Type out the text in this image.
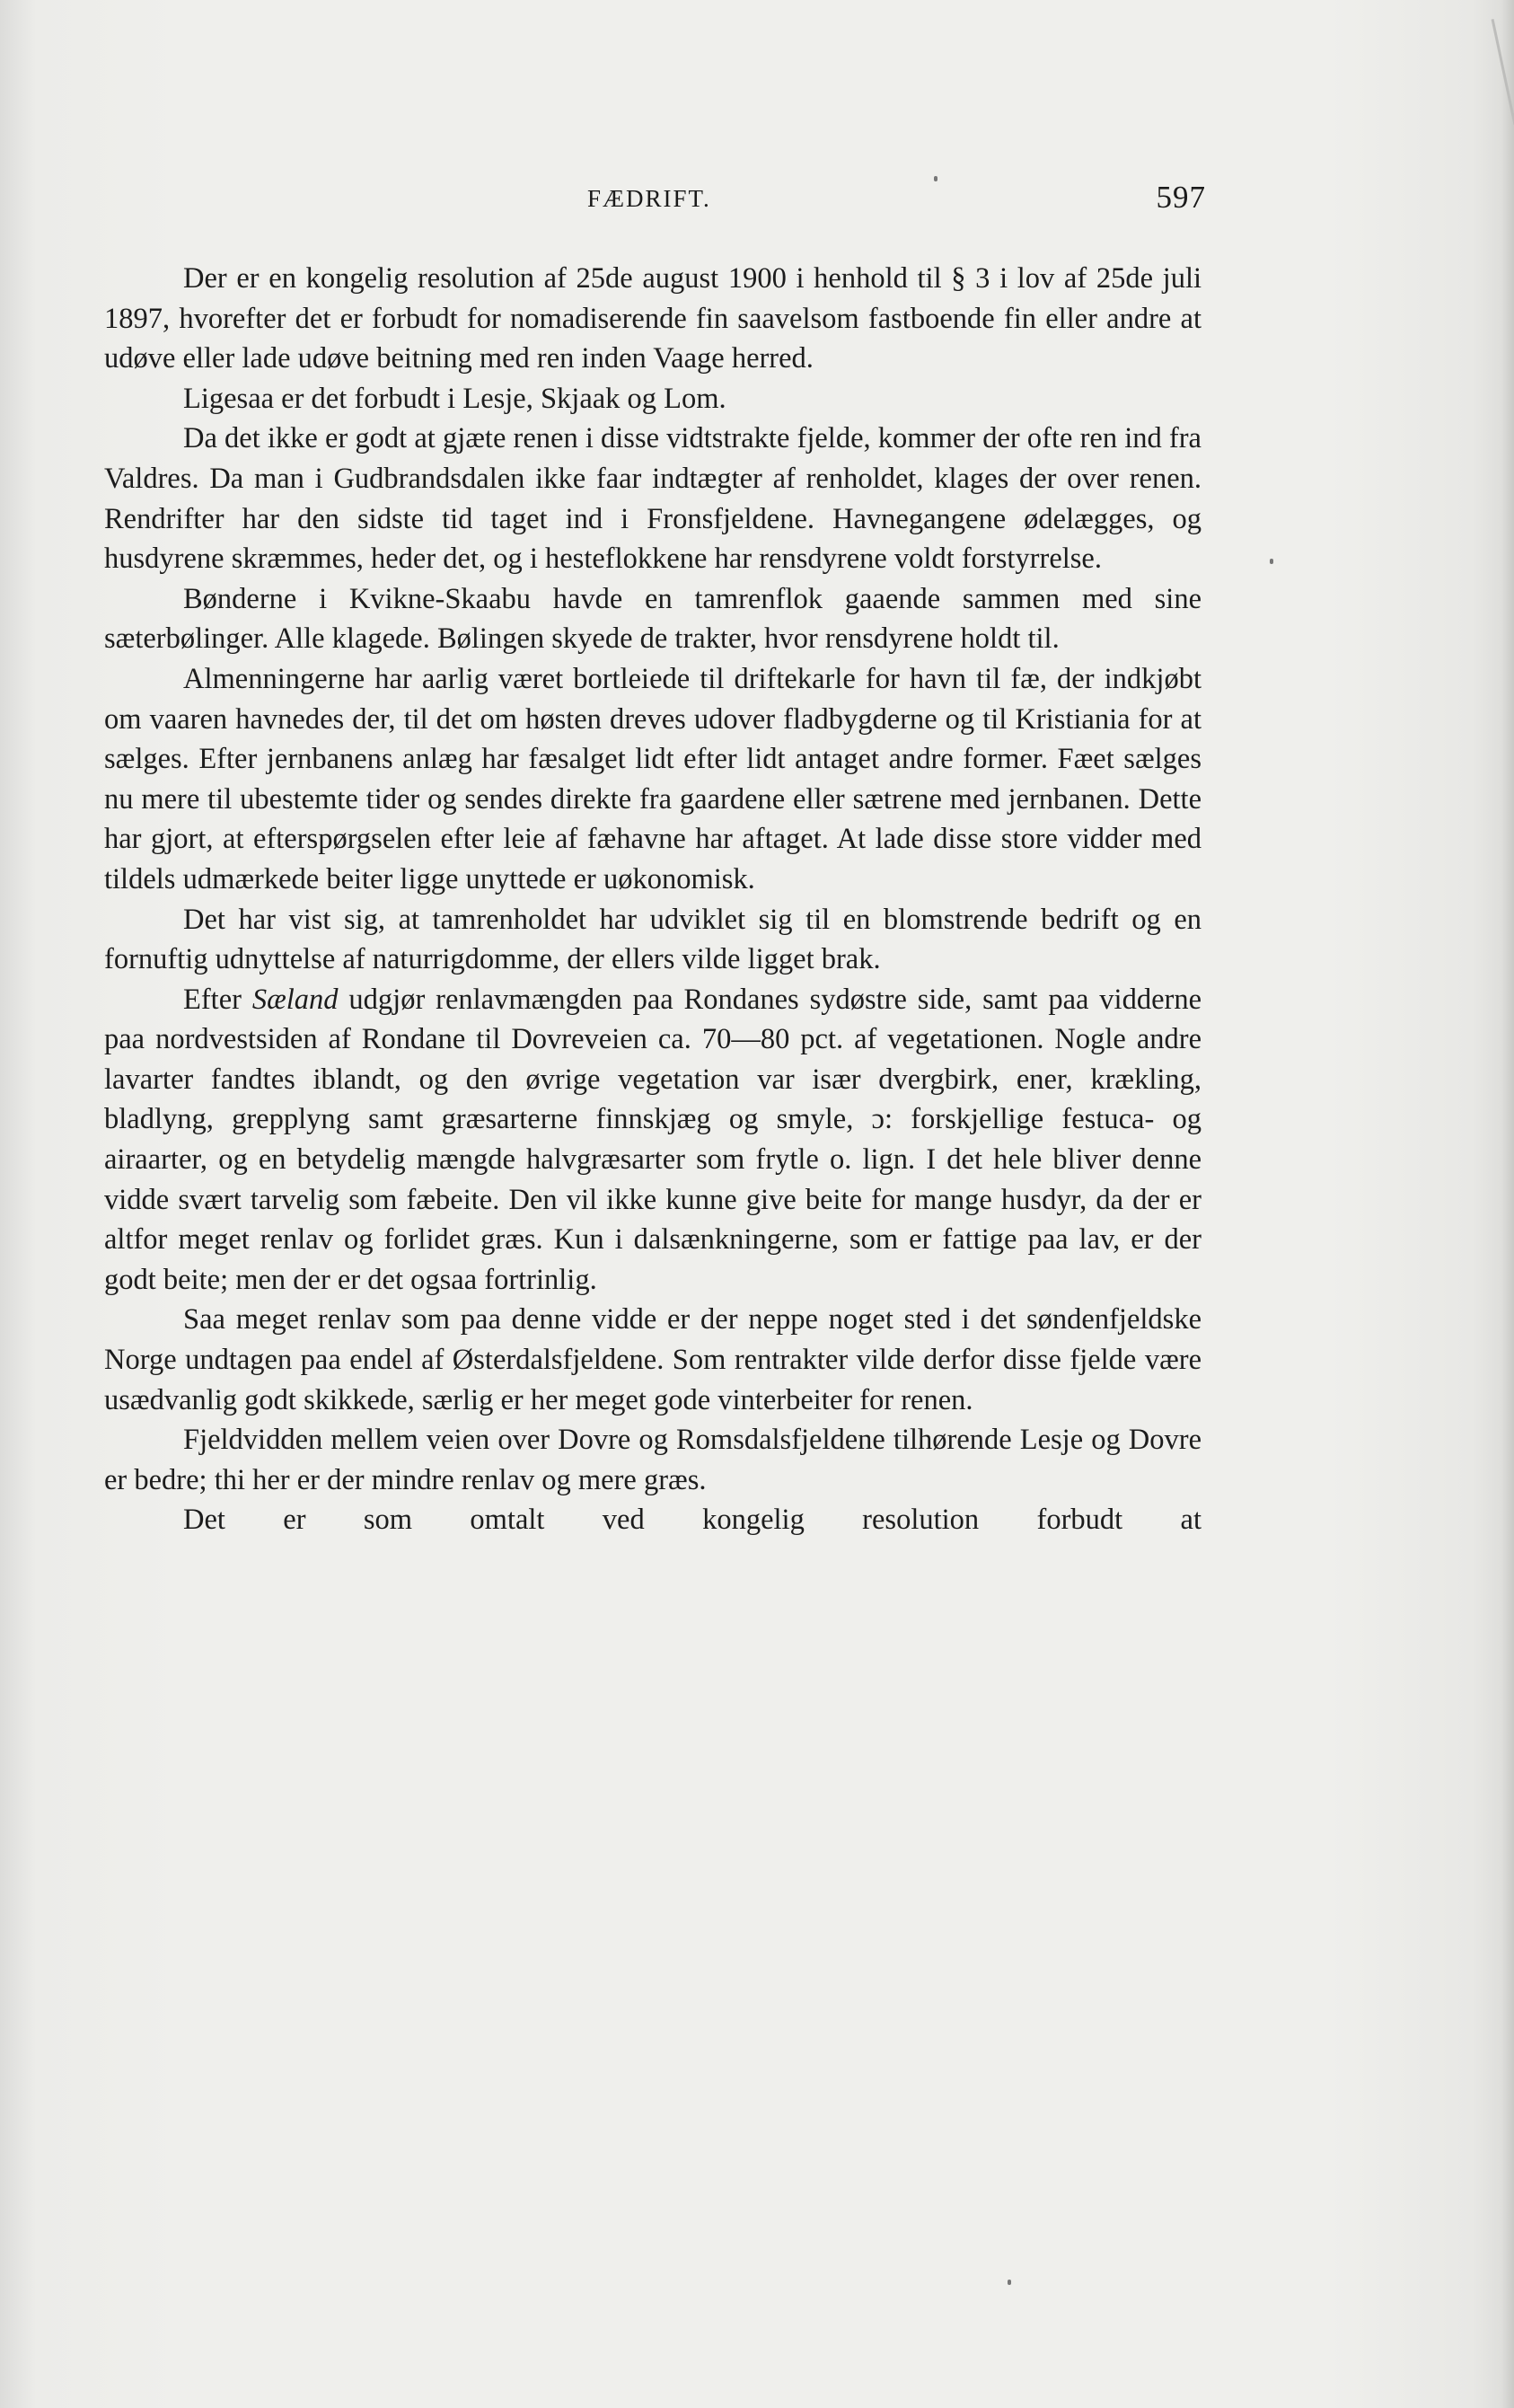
FÆDRIFT.	597

Der er en kongelig resolution af 25de august 1900 i henhold til § 3 i lov af 25de juli 1897, hvorefter det er forbudt for nomadiserende fin saavelsom fastboende fin eller andre at udøve eller lade udøve beitning med ren inden Vaage herred.

Ligesaa er det forbudt i Lesje, Skjaak og Lom.

Da det ikke er godt at gjæte renen i disse vidtstrakte fjelde, kommer der ofte ren ind fra Valdres. Da man i Gudbrandsdalen ikke faar indtægter af renholdet, klages der over renen. Rendrifter har den sidste tid taget ind i Fronsfjeldene. Havnegangene ødelægges, og husdyrene skræmmes, heder det, og i hesteflokkene har rensdyrene voldt forstyrrelse.

Bønderne i Kvikne-Skaabu havde en tamrenflok gaaende sammen med sine sæterbølinger. Alle klagede. Bølingen skyede de trakter, hvor rensdyrene holdt til.

Almenningerne har aarlig været bortleiede til driftekarle for havn til fæ, der indkjøbt om vaaren havnedes der, til det om høsten dreves udover fladbygderne og til Kristiania for at sælges. Efter jernbanens anlæg har fæsalget lidt efter lidt antaget andre former. Fæet sælges nu mere til ubestemte tider og sendes direkte fra gaardene eller sætrene med jernbanen. Dette har gjort, at efterspørgselen efter leie af fæhavne har aftaget. At lade disse store vidder med tildels udmærkede beiter ligge unyttede er uøkonomisk.

Det har vist sig, at tamrenholdet har udviklet sig til en blomstrende bedrift og en fornuftig udnyttelse af naturrigdomme, der ellers vilde ligget brak.

Efter Sæland udgjør renlavmængden paa Rondanes sydøstre side, samt paa vidderne paa nordvestsiden af Rondane til Dovreveien ca. 70—80 pct. af vegetationen. Nogle andre lavarter fandtes iblandt, og den øvrige vegetation var især dvergbirk, ener, krækling, bladlyng, grepplyng samt græsarterne finnskjæg og smyle, ɔ: forskjellige festuca- og airaarter, og en betydelig mængde halvgræsarter som frytle o. lign. I det hele bliver denne vidde svært tarvelig som fæbeite. Den vil ikke kunne give beite for mange husdyr, da der er altfor meget renlav og forlidet græs. Kun i dalsænkningerne, som er fattige paa lav, er der godt beite; men der er det ogsaa fortrinlig.

Saa meget renlav som paa denne vidde er der neppe noget sted i det søndenfjeldske Norge undtagen paa endel af Østerdalsfjeldene. Som rentrakter vilde derfor disse fjelde være usædvanlig godt skikkede, særlig er her meget gode vinterbeiter for renen.

Fjeldvidden mellem veien over Dovre og Romsdalsfjeldene tilhørende Lesje og Dovre er bedre; thi her er der mindre renlav og mere græs.

Det er som omtalt ved kongelig resolution forbudt at
